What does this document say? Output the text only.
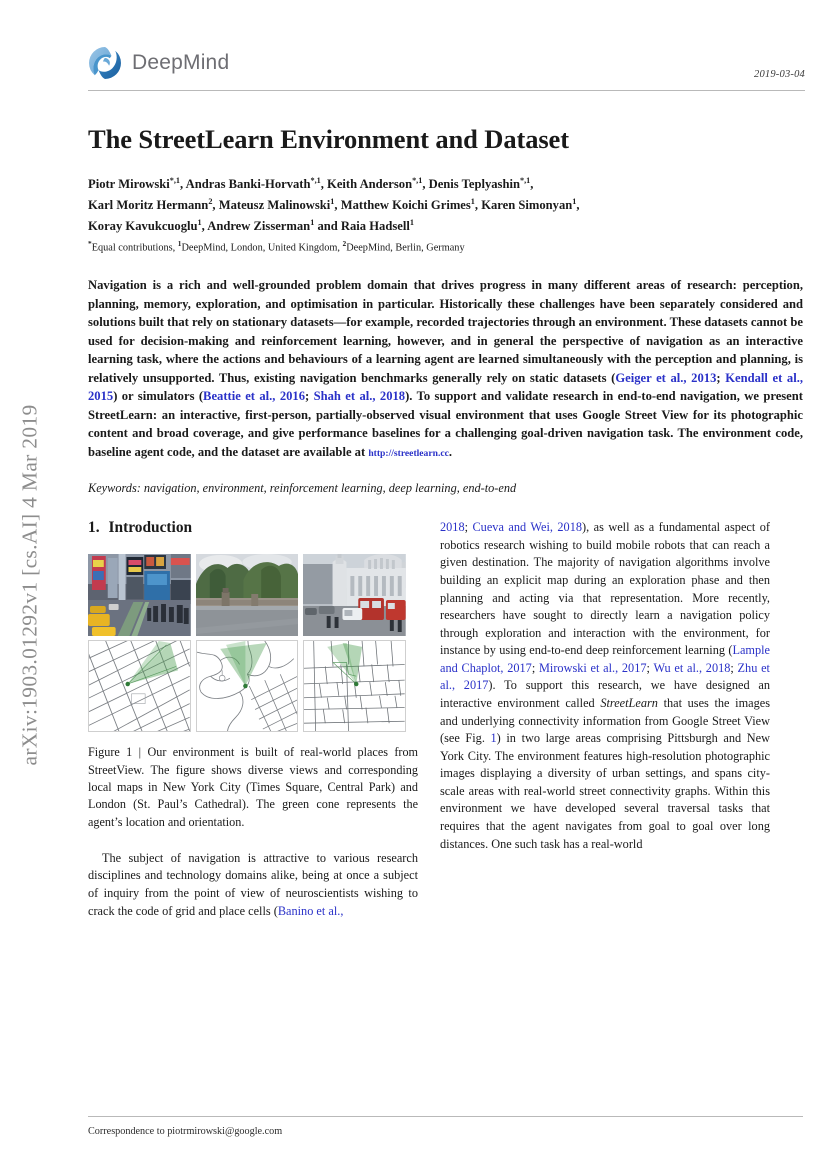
arXiv:1903.01292v1 [cs.AI] 4 Mar 2019
DeepMind
2019-03-04
The StreetLearn Environment and Dataset
Piotr Mirowski$^{*,1}$, Andras Banki-Horvath$^{*,1}$, Keith Anderson$^{*,1}$, Denis Teplyashin$^{*,1}$,
Karl Moritz Hermann$^2$, Mateusz Malinowski$^1$, Matthew Koichi Grimes$^1$, Karen Simonyan$^1$,
Koray Kavukcuoglu$^1$, Andrew Zisserman$^1$ and Raia Hadsell$^1$
*Equal contributions, $^1$DeepMind, London, United Kingdom, $^2$DeepMind, Berlin, Germany
Navigation is a rich and well-grounded problem domain that drives progress in many different areas of research: perception, planning, memory, exploration, and optimisation in particular. Historically these challenges have been separately considered and solutions built that rely on stationary datasets—for example, recorded trajectories through an environment. These datasets cannot be used for decision-making and reinforcement learning, however, and in general the perspective of navigation as an interactive learning task, where the actions and behaviours of a learning agent are learned simultaneously with the perception and planning, is relatively unsupported. Thus, existing navigation benchmarks generally rely on static datasets (Geiger et al., 2013; Kendall et al., 2015) or simulators (Beattie et al., 2016; Shah et al., 2018). To support and validate research in end-to-end navigation, we present StreetLearn: an interactive, first-person, partially-observed visual environment that uses Google Street View for its photographic content and broad coverage, and give performance baselines for a challenging goal-driven navigation task. The environment code, baseline agent code, and the dataset are available at http://streetlearn.cc.
Keywords: navigation, environment, reinforcement learning, deep learning, end-to-end
1. Introduction
Figure 1 | Our environment is built of real-world places from StreetView. The figure shows diverse views and corresponding local maps in New York City (Times Square, Central Park) and London (St. Paul’s Cathedral). The green cone represents the agent’s location and orientation.

The subject of navigation is attractive to various research disciplines and technology domains alike, being at once a subject of inquiry from the point of view of neuroscientists wishing to crack the code of grid and place cells (Banino et al.,

2018; Cueva and Wei, 2018), as well as a fundamental aspect of robotics research wishing to build mobile robots that can reach a given destination. The majority of navigation algorithms involve building an explicit map during an exploration phase and then planning and acting via that representation. More recently, researchers have sought to directly learn a navigation policy through exploration and interaction with the environment, for instance by using end-to-end deep reinforcement learning (Lample and Chaplot, 2017; Mirowski et al., 2017; Wu et al., 2018; Zhu et al., 2017). To support this research, we have designed an interactive environment called StreetLearn that uses the images and underlying connectivity information from Google Street View (see Fig. 1) in two large areas comprising Pittsburgh and New York City. The environment features high-resolution photographic images displaying a diversity of urban settings, and spans city-scale areas with real-world street connectivity graphs. Within this environment we have developed several traversal tasks that requires that the agent navigates from goal to goal over long distances. One such task has a real-world

Correspondence to piotrmirowski@google.com
